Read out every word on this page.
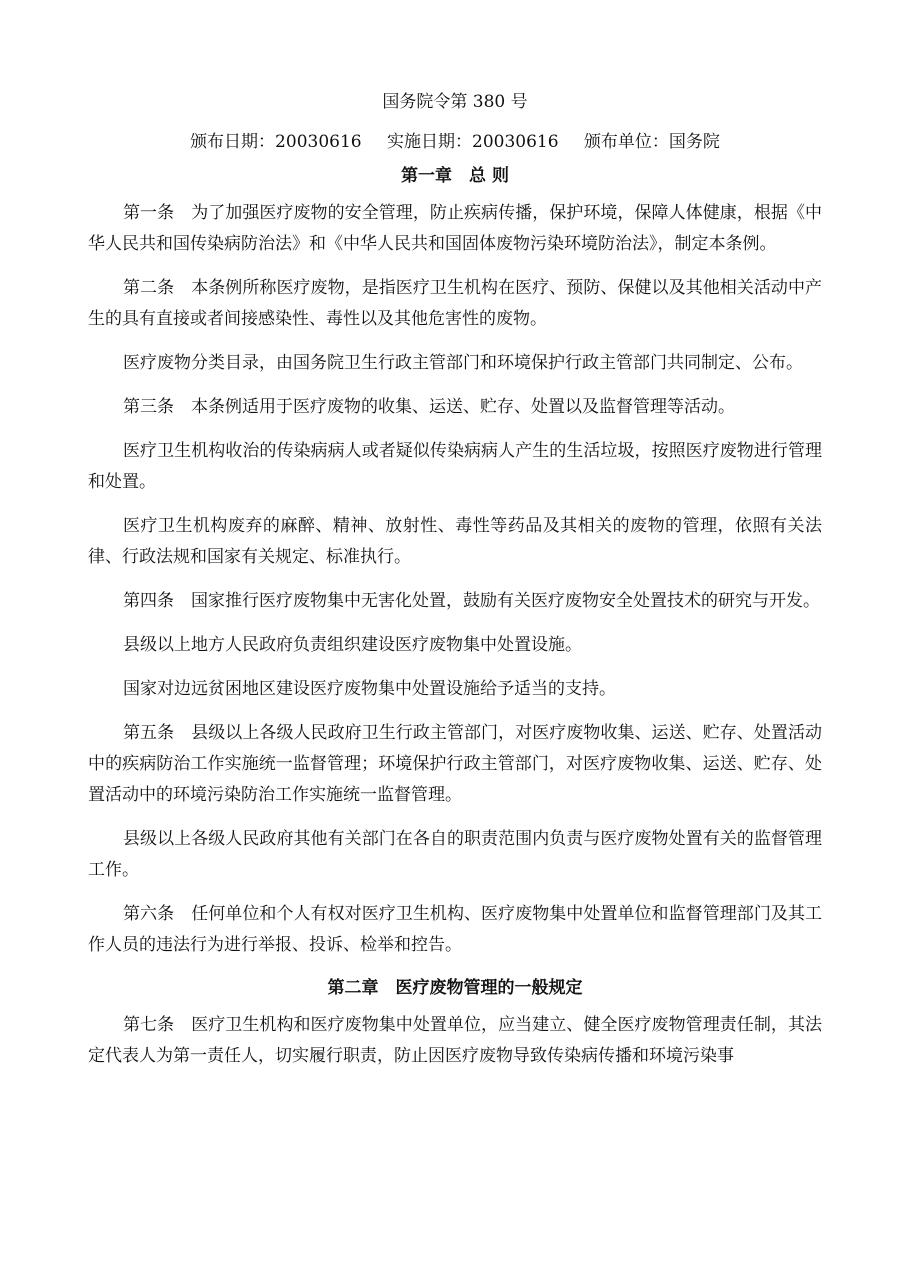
国务院令第 380 号
颁布日期：20030616 实施日期：20030616 颁布单位：国务院
第一章　总 则

第一条　为了加强医疗废物的安全管理，防止疾病传播，保护环境，保障人体健康，根据《中华人民共和国传染病防治法》和《中华人民共和国固体废物污染环境防治法》，制定本条例。

第二条　本条例所称医疗废物，是指医疗卫生机构在医疗、预防、保健以及其他相关活动中产生的具有直接或者间接感染性、毒性以及其他危害性的废物。

医疗废物分类目录，由国务院卫生行政主管部门和环境保护行政主管部门共同制定、公布。

第三条　本条例适用于医疗废物的收集、运送、贮存、处置以及监督管理等活动。

医疗卫生机构收治的传染病病人或者疑似传染病病人产生的生活垃圾，按照医疗废物进行管理和处置。

医疗卫生机构废弃的麻醉、精神、放射性、毒性等药品及其相关的废物的管理，依照有关法律、行政法规和国家有关规定、标准执行。

第四条　国家推行医疗废物集中无害化处置，鼓励有关医疗废物安全处置技术的研究与开发。

县级以上地方人民政府负责组织建设医疗废物集中处置设施。

国家对边远贫困地区建设医疗废物集中处置设施给予适当的支持。

第五条　县级以上各级人民政府卫生行政主管部门，对医疗废物收集、运送、贮存、处置活动中的疾病防治工作实施统一监督管理；环境保护行政主管部门，对医疗废物收集、运送、贮存、处置活动中的环境污染防治工作实施统一监督管理。

县级以上各级人民政府其他有关部门在各自的职责范围内负责与医疗废物处置有关的监督管理工作。

第六条　任何单位和个人有权对医疗卫生机构、医疗废物集中处置单位和监督管理部门及其工作人员的违法行为进行举报、投诉、检举和控告。

第二章　医疗废物管理的一般规定

第七条　医疗卫生机构和医疗废物集中处置单位，应当建立、健全医疗废物管理责任制，其法定代表人为第一责任人，切实履行职责，防止因医疗废物导致传染病传播和环境污染事
